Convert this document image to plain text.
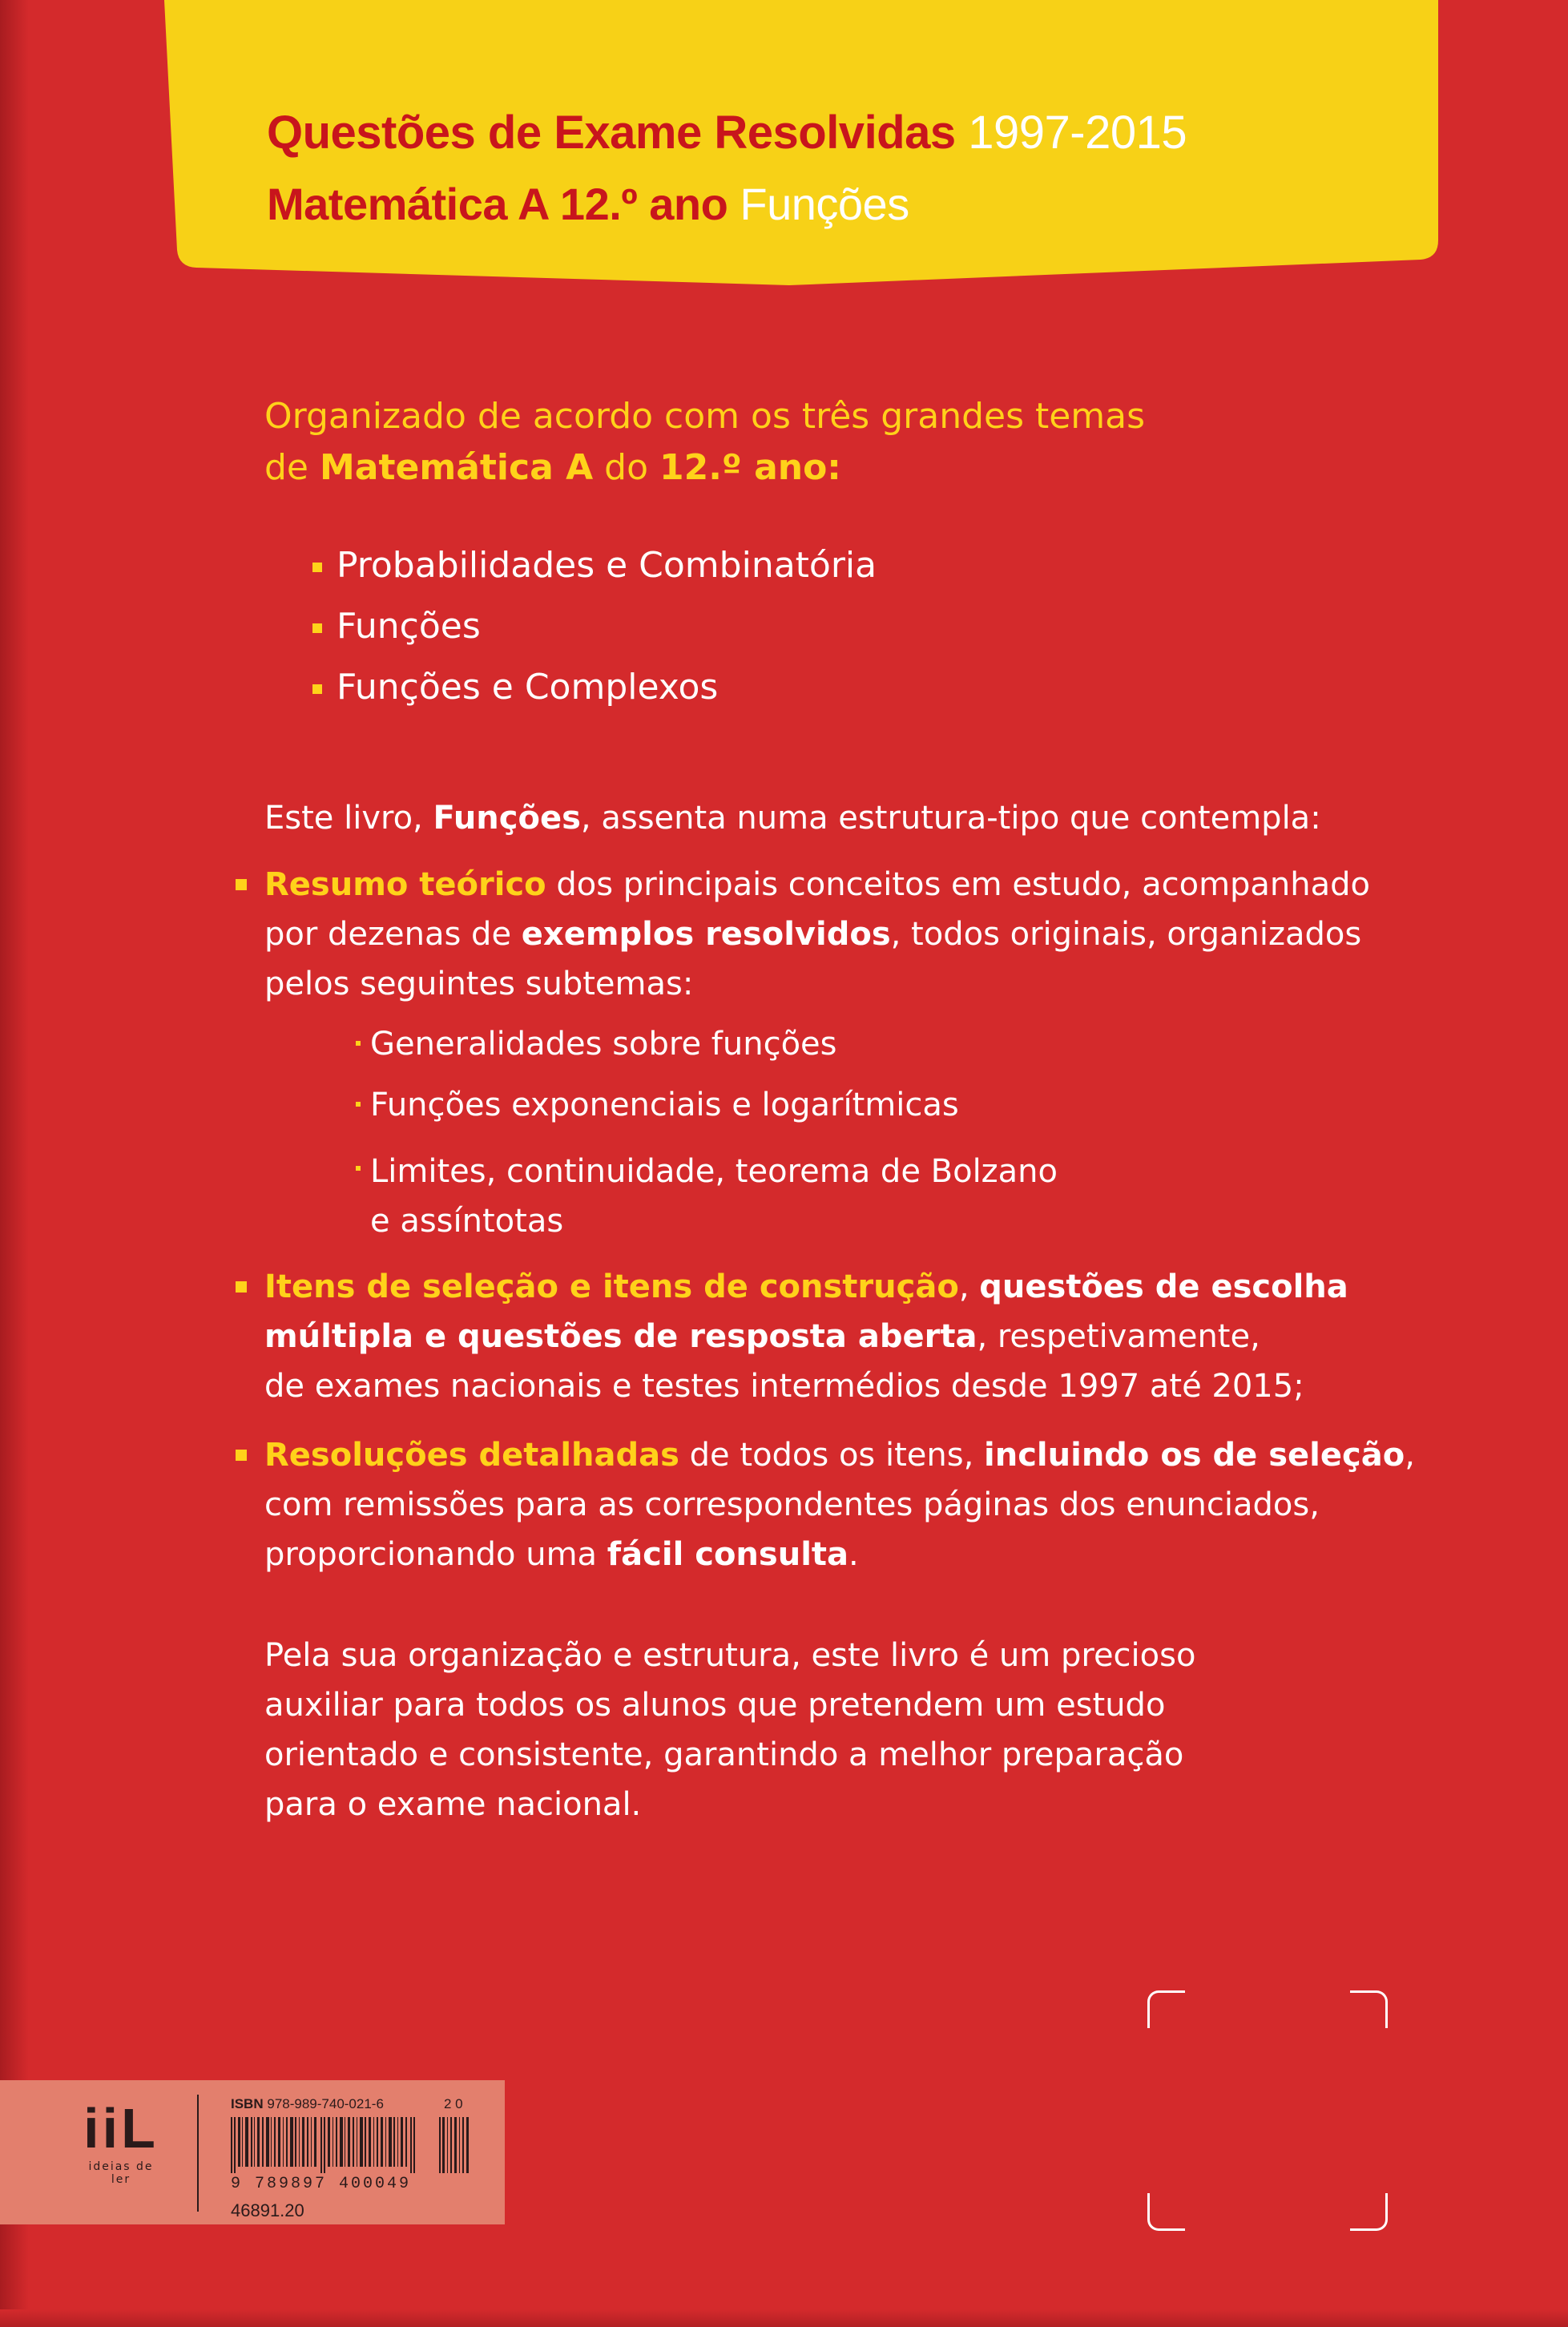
Questões de Exame Resolvidas 1997-2015
Matemática A 12.º ano Funções
Organizado de acordo com os três grandes temas
de Matemática A do 12.º ano:
Probabilidades e Combinatória
Funções
Funções e Complexos
Este livro, Funções, assenta numa estrutura-tipo que contempla:
Resumo teórico dos principais conceitos em estudo, acompanhado
por dezenas de exemplos resolvidos, todos originais, organizados
pelos seguintes subtemas:
Generalidades sobre funções
Funções exponenciais e logarítmicas
Limites, continuidade, teorema de Bolzano
e assíntotas
Itens de seleção e itens de construção, questões de escolha
múltipla e questões de resposta aberta, respetivamente,
de exames nacionais e testes intermédios desde 1997 até 2015;
Resoluções detalhadas de todos os itens, incluindo os de seleção,
com remissões para as correspondentes páginas dos enunciados,
proporcionando uma fácil consulta.
Pela sua organização e estrutura, este livro é um precioso
auxiliar para todos os alunos que pretendem um estudo
orientado e consistente, garantindo a melhor preparação
para o exame nacional.
iiL
ideias de ler
ISBN 978-989-740-021-6
9 789897 400049
2 0
46891.20
